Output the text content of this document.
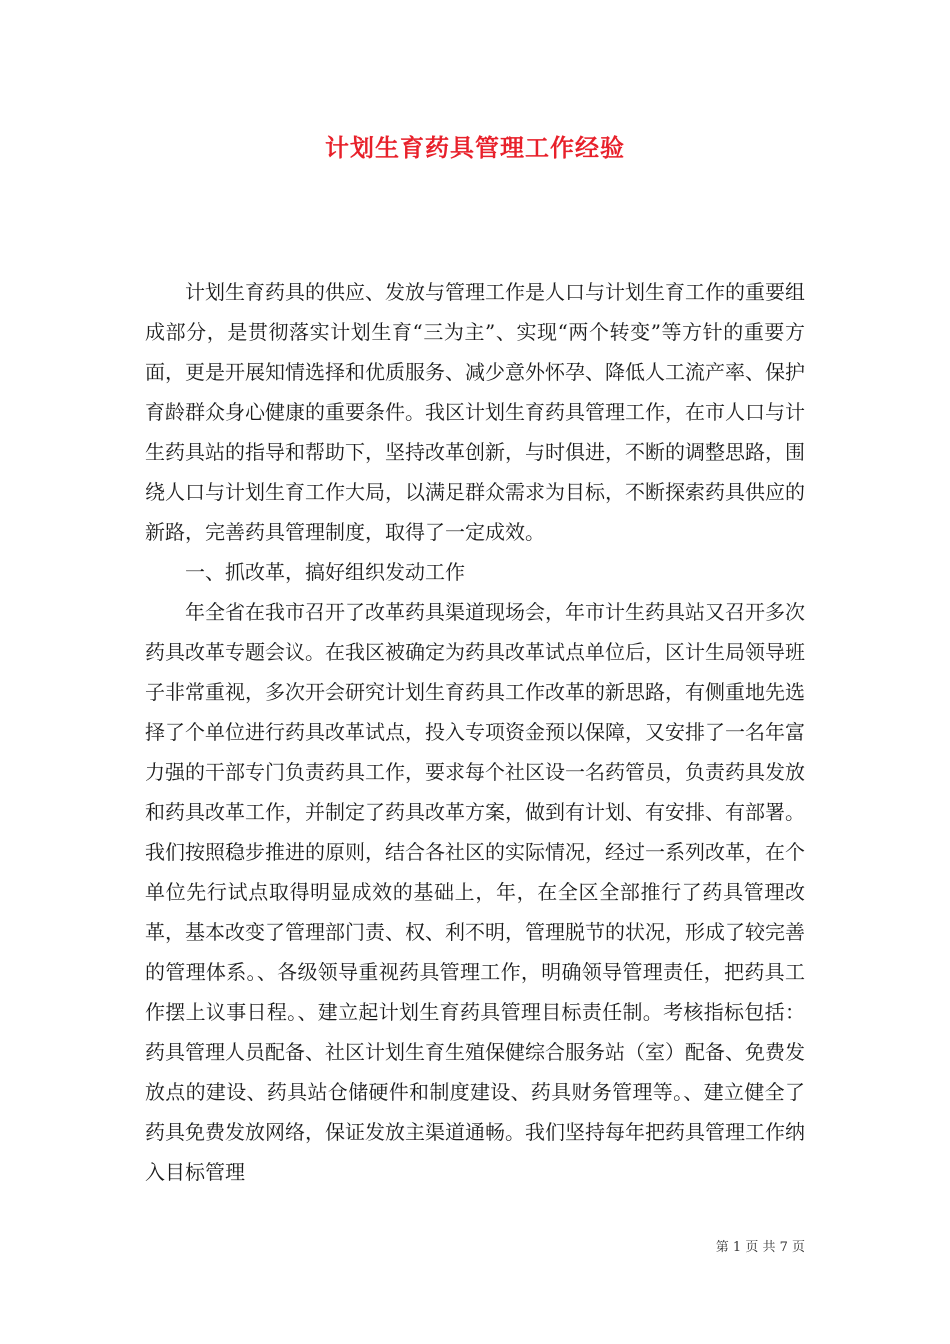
计划生育药具管理工作经验

计划生育药具的供应、发放与管理工作是人口与计划生育工作的重要组成部分，是贯彻落实计划生育“三为主”、实现“两个转变”等方针的重要方面，更是开展知情选择和优质服务、减少意外怀孕、降低人工流产率、保护育龄群众身心健康的重要条件。我区计划生育药具管理工作，在市人口与计生药具站的指导和帮助下，坚持改革创新，与时俱进，不断的调整思路，围绕人口与计划生育工作大局，以满足群众需求为目标，不断探索药具供应的新路，完善药具管理制度，取得了一定成效。

一、抓改革，搞好组织发动工作

年全省在我市召开了改革药具渠道现场会，年市计生药具站又召开多次药具改革专题会议。在我区被确定为药具改革试点单位后，区计生局领导班子非常重视，多次开会研究计划生育药具工作改革的新思路，有侧重地先选择了个单位进行药具改革试点，投入专项资金预以保障，又安排了一名年富力强的干部专门负责药具工作，要求每个社区设一名药管员，负责药具发放和药具改革工作，并制定了药具改革方案，做到有计划、有安排、有部署。我们按照稳步推进的原则，结合各社区的实际情况，经过一系列改革，在个单位先行试点取得明显成效的基础上，年，在全区全部推行了药具管理改革，基本改变了管理部门责、权、利不明，管理脱节的状况，形成了较完善的管理体系。、各级领导重视药具管理工作，明确领导管理责任，把药具工作摆上议事日程。、建立起计划生育药具管理目标责任制。考核指标包括：药具管理人员配备、社区计划生育生殖保健综合服务站（室）配备、免费发放点的建设、药具站仓储硬件和制度建设、药具财务管理等。、建立健全了药具免费发放网络，保证发放主渠道通畅。我们坚持每年把药具管理工作纳入目标管理

第 1 页 共 7 页
